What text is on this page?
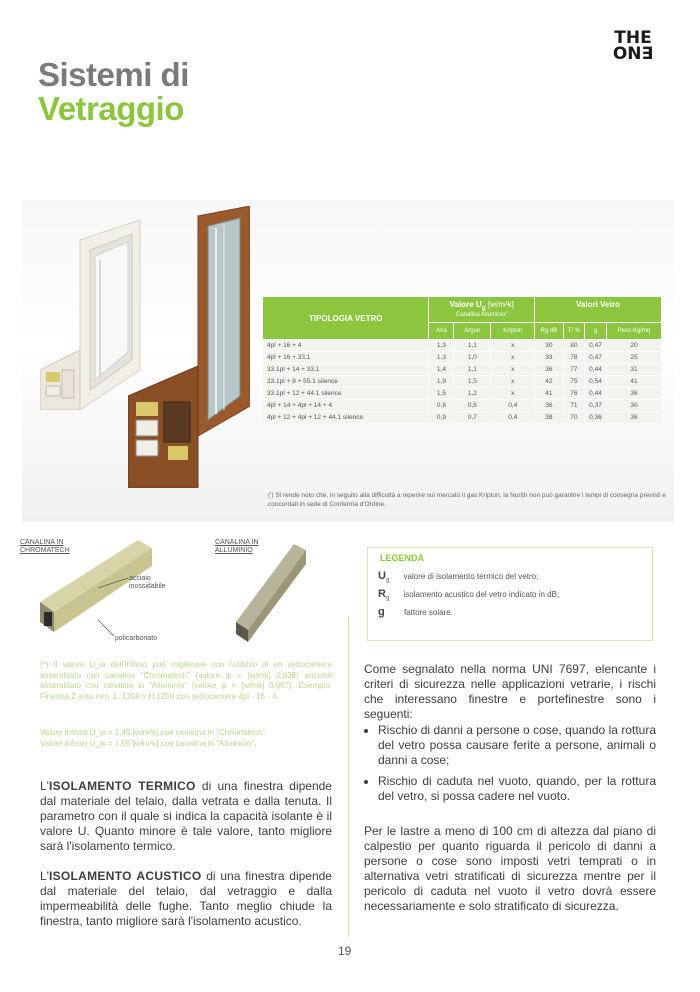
THE
ON∃
Sistemi di
Vetraggio
TIPOLOGIA VETRO	Valore $U_g$ [w/m²k]
Canalina Alluminio"			Valori Vetro			
	Aria	Argon	Kripton	Rg dB	T/ %	g	Peso Kg/mq
4pl + 16 + 4	1,3	1,1	x	30	80	0,47	20
4pl + 16 + 33,1	1,3	1,0	x	33	78	0,47	25
33.1pl + 14 + 33,1	1,4	1,1	x	36	77	0,44	31
33.1pl + 9 + 55.1 silence	1,9	1,5	x	42	75	0,54	41
33.1pl + 12 + 44.1 silence	1,5	1,2	x	41	76	0,44	36
4pl + 14 + 4pl + 14 + 4	0,8	0,6	0,4	36	71	0,37	30
4pl + 12 + 4pl + 12 + 44.1 silence	0,9	0,7	0,4	38	70	0,36	36
(') Si rende noto che, in seguito alla difficoltà a reperire sul mercato il gas Kripton, la Nurith non può garantire i tempi di consegna previsti e concordati in sede di Conferma d'Ordine.
CANALINA IN CHROMATECH
CANALINA IN ALLUMINIO
acciaio inossidabile
policarbonato
(*) Il valore U_w dell'infisso può migliorare con l'utilizzo di un vetrocamera assemblato con canalina "Chromatech" (valore ψ = [w/mk] 0,038) anziché assemblato con canalina in "Alluminio" (valore ψ = [w/mk] 0,067). Esempio: Finestra 2 ante mm. L. 1200 x H.1200 con vetrocamera 4pl - 16 - 4.
Valore infisso U_w = 1,45 [w/m²k] con canalina in "Chromatech".
Valore infisso U_w = 1,56 [w/m²k] con canalina in "Alluminio".
L'ISOLAMENTO TERMICO di una finestra dipende dal materiale del telaio, dalla vetrata e dalla tenuta. Il parametro con il quale si indica la capacità isolante è il valore U. Quanto minore è tale valore, tanto migliore sarà l'isolamento termico.
L'ISOLAMENTO ACUSTICO di una finestra dipende dal materiale del telaio, dal vetraggio e dalla impermeabilità delle fughe. Tanto meglio chiude la finestra, tanto migliore sarà l'isolamento acustico.
LEGENDA
$U_g$ valore di isolamento termico del vetro;
$R_g$ isolamento acustico del vetro indicato in dB;
g fattore solare.
Come segnalato nella norma UNI 7697, elencante i criteri di sicurezza nelle applicazioni vetrarie, i rischi che interessano finestre e portefinestre sono i seguenti:
• Rischio di danni a persone o cose, quando la rottura del vetro possa causare ferite a persone, animali o danni a cose;
• Rischio di caduta nel vuoto, quando, per la rottura del vetro, si possa cadere nel vuoto.
Per le lastre a meno di 100 cm di altezza dal piano di calpestio per quanto riguarda il pericolo di danni a persone o cose sono imposti vetri temprati o in alternativa vetri stratificati di sicurezza mentre per il pericolo di caduta nel vuoto il vetro dovrà essere necessariamente e solo stratificato di sicurezza.
19
